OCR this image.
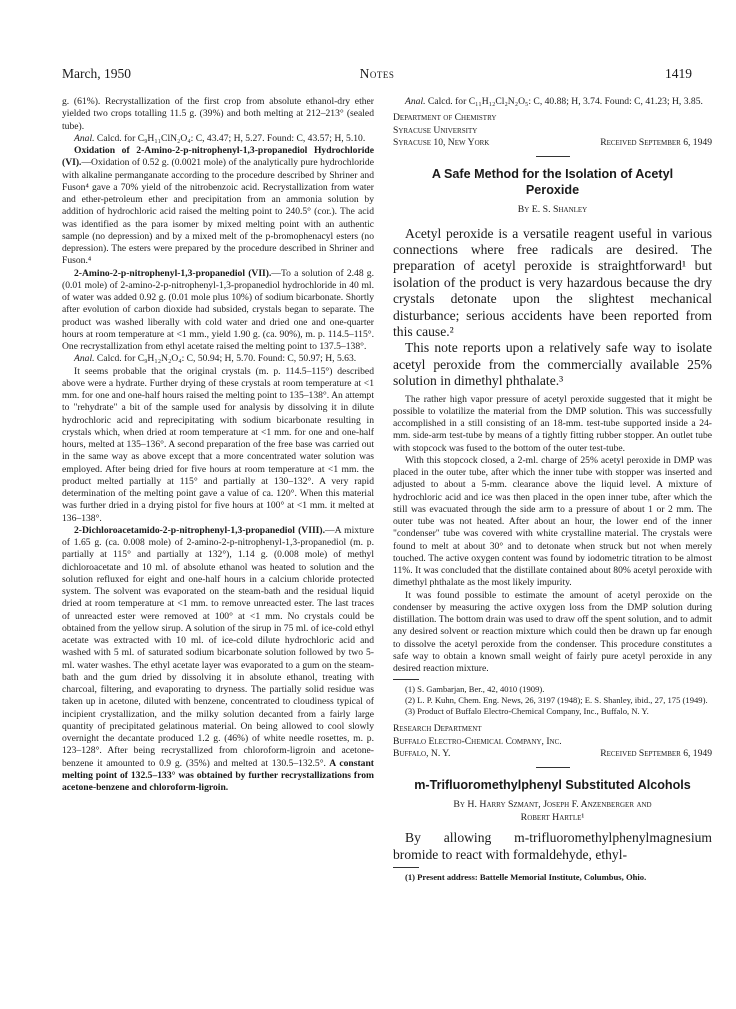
March, 1950	Notes	1419

g. (61%). Recrystallization of the first crop from absolute ethanol-dry ether yielded two crops totalling 11.5 g. (39%) and both melting at 212–213° (sealed tube).

Anal. Calcd. for C₉H₁₁ClN₂O₄: C, 43.47; H, 5.27. Found: C, 43.57; H, 5.10.

Oxidation of 2-Amino-2-p-nitrophenyl-1,3-propanediol Hydrochloride (VI).—Oxidation of 0.52 g. (0.0021 mole) of the analytically pure hydrochloride with alkaline permanganate according to the procedure described by Shriner and Fuson⁴ gave a 70% yield of the nitrobenzoic acid. Recrystallization from water and ether-petroleum ether and precipitation from an ammonia solution by addition of hydrochloric acid raised the melting point to 240.5° (cor.). The acid was identified as the para isomer by mixed melting point with an authentic sample (no depression) and by a mixed melt of the p-bromophenacyl esters (no depression). The esters were prepared by the procedure described in Shriner and Fuson.⁴

2-Amino-2-p-nitrophenyl-1,3-propanediol (VII).—To a solution of 2.48 g. (0.01 mole) of 2-amino-2-p-nitrophenyl-1,3-propanediol hydrochloride in 40 ml. of water was added 0.92 g. (0.01 mole plus 10%) of sodium bicarbonate. Shortly after evolution of carbon dioxide had subsided, crystals began to separate. The product was washed liberally with cold water and dried one and one-quarter hours at room temperature at <1 mm., yield 1.90 g. (ca. 90%), m. p. 114.5–115°. One recrystallization from ethyl acetate raised the melting point to 137.5–138°.

Anal. Calcd. for C₉H₁₂N₂O₄: C, 50.94; H, 5.70. Found: C, 50.97; H, 5.63.

It seems probable that the original crystals (m. p. 114.5–115°) described above were a hydrate. Further drying of these crystals at room temperature at <1 mm. for one and one-half hours raised the melting point to 135–138°. An attempt to "rehydrate" a bit of the sample used for analysis by dissolving it in dilute hydrochloric acid and reprecipitating with sodium bicarbonate resulting in crystals which, when dried at room temperature at <1 mm. for one and one-half hours, melted at 135–136°. A second preparation of the free base was carried out in the same way as above except that a more concentrated water solution was employed. After being dried for five hours at room temperature at <1 mm. the product melted partially at 115° and partially at 130–132°. A very rapid determination of the melting point gave a value of ca. 120°. When this material was further dried in a drying pistol for five hours at 100° at <1 mm. it melted at 136–138°.

2-Dichloroacetamido-2-p-nitrophenyl-1,3-propanediol (VIII).—A mixture of 1.65 g. (ca. 0.008 mole) of 2-amino-2-p-nitrophenyl-1,3-propanediol (m. p. partially at 115° and partially at 132°), 1.14 g. (0.008 mole) of methyl dichloroacetate and 10 ml. of absolute ethanol was heated to solution and the solution refluxed for eight and one-half hours in a calcium chloride protected system. The solvent was evaporated on the steam-bath and the residual liquid dried at room temperature at <1 mm. to remove unreacted ester. The last traces of unreacted ester were removed at 100° at <1 mm. No crystals could be obtained from the yellow sirup. A solution of the sirup in 75 ml. of ice-cold ethyl acetate was extracted with 10 ml. of ice-cold dilute hydrochloric acid and washed with 5 ml. of saturated sodium bicarbonate solution followed by two 5-ml. water washes. The ethyl acetate layer was evaporated to a gum on the steam-bath and the gum dried by dissolving it in absolute ethanol, treating with charcoal, filtering, and evaporating to dryness. The partially solid residue was taken up in acetone, diluted with benzene, concentrated to cloudiness typical of incipient crystallization, and the milky solution decanted from a fairly large quantity of precipitated gelatinous material. On being allowed to cool slowly overnight the decantate produced 1.2 g. (46%) of white needle rosettes, m. p. 123–128°. After being recrystallized from chloroform-ligroin and acetone-benzene it amounted to 0.9 g. (35%) and melted at 130.5–132.5°. A constant melting point of 132.5–133° was obtained by further recrystallizations from acetone-benzene and chloroform-ligroin.

Anal. Calcd. for C₁₁H₁₂Cl₂N₂O₅: C, 40.88; H, 3.74. Found: C, 41.23; H, 3.85.

Department of Chemistry
Syracuse University
Syracuse 10, New York	Received September 6, 1949

A Safe Method for the Isolation of Acetyl

Peroxide

By E. S. Shanley

Acetyl peroxide is a versatile reagent useful in various connections where free radicals are desired. The preparation of acetyl peroxide is straightforward¹ but isolation of the product is very hazardous because the dry crystals detonate upon the slightest mechanical disturbance; serious accidents have been reported from this cause.²

This note reports upon a relatively safe way to isolate acetyl peroxide from the commercially available 25% solution in dimethyl phthalate.³

The rather high vapor pressure of acetyl peroxide suggested that it might be possible to volatilize the material from the DMP solution. This was successfully accomplished in a still consisting of an 18-mm. test-tube supported inside a 24-mm. side-arm test-tube by means of a tightly fitting rubber stopper. An outlet tube with stopcock was fused to the bottom of the outer test-tube.

With this stopcock closed, a 2-ml. charge of 25% acetyl peroxide in DMP was placed in the outer tube, after which the inner tube with stopper was inserted and adjusted to about a 5-mm. clearance above the liquid level. A mixture of hydrochloric acid and ice was then placed in the open inner tube, after which the still was evacuated through the side arm to a pressure of about 1 or 2 mm. The outer tube was not heated. After about an hour, the lower end of the inner "condenser" tube was covered with white crystalline material. The crystals were found to melt at about 30° and to detonate when struck but not when merely touched. The active oxygen content was found by iodometric titration to be almost 11%. It was concluded that the distillate contained about 80% acetyl peroxide with dimethyl phthalate as the most likely impurity.

It was found possible to estimate the amount of acetyl peroxide on the condenser by measuring the active oxygen loss from the DMP solution during distillation. The bottom drain was used to draw off the spent solution, and to admit any desired solvent or reaction mixture which could then be drawn up far enough to dissolve the acetyl peroxide from the condenser. This procedure constitutes a safe way to obtain a known small weight of fairly pure acetyl peroxide in any desired reaction mixture.

(1) S. Gambarjan, Ber., 42, 4010 (1909).

(2) L. P. Kuhn, Chem. Eng. News, 26, 3197 (1948); E. S. Shanley, ibid., 27, 175 (1949).

(3) Product of Buffalo Electro-Chemical Company, Inc., Buffalo, N. Y.

Research Department
Buffalo Electro-Chemical Company, Inc.
Buffalo, N. Y.	Received September 6, 1949

m-Trifluoromethylphenyl Substituted Alcohols

By H. Harry Szmant, Joseph F. Anzenberger and
Robert Hartle¹

By allowing m-trifluoromethylphenylmagnesium bromide to react with formaldehyde, ethyl-

(1) Present address: Battelle Memorial Institute, Columbus, Ohio.
